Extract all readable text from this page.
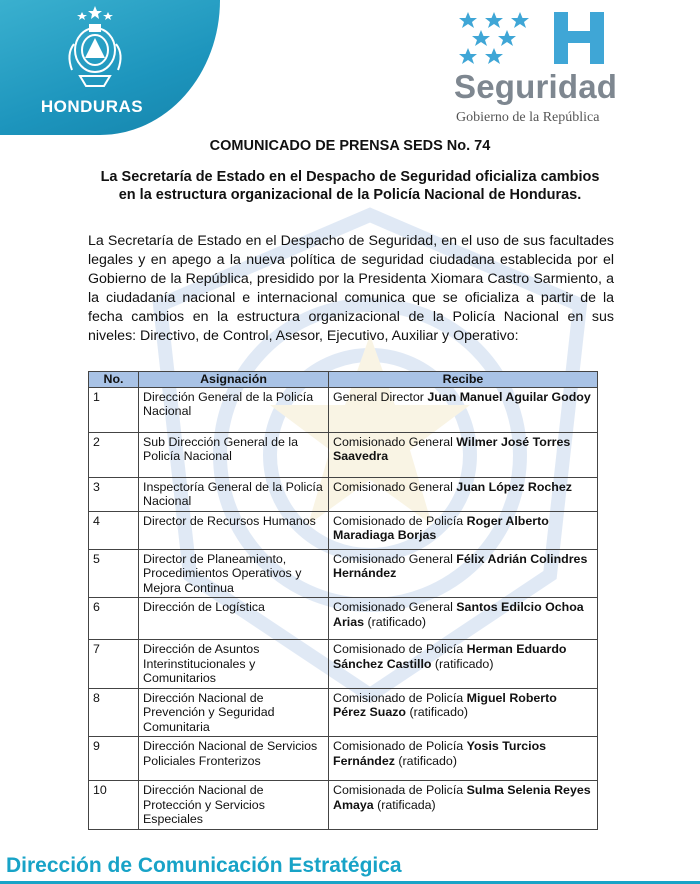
HONDURAS
Seguridad
Gobierno de la República
COMUNICADO DE PRENSA SEDS No. 74
La Secretaría de Estado en el Despacho de Seguridad oficializa cambios en la estructura organizacional de la Policía Nacional de Honduras.
La Secretaría de Estado en el Despacho de Seguridad, en el uso de sus facultades legales y en apego a la nueva política de seguridad ciudadana establecida por el Gobierno de la República, presidido por la Presidenta Xiomara Castro Sarmiento, a la ciudadanía nacional e internacional comunica que se oficializa a partir de la fecha cambios en la estructura organizacional de la Policía Nacional en sus niveles: Directivo, de Control, Asesor, Ejecutivo, Auxiliar y Operativo:
No.	Asignación	Recibe
1	Dirección General de la Policía Nacional	General Director Juan Manuel Aguilar Godoy
2	Sub Dirección General de la Policía Nacional	Comisionado General Wilmer José Torres Saavedra
3	Inspectoría General de la Policía Nacional	Comisionado General Juan López Rochez
4	Director de Recursos Humanos	Comisionado de Policía Roger Alberto Maradiaga Borjas
5	Director de Planeamiento, Procedimientos Operativos y Mejora Continua	Comisionado General Félix Adrián Colindres Hernández
6	Dirección de Logística	Comisionado General Santos Edilcio Ochoa Arias (ratificado)
7	Dirección de Asuntos Interinstitucionales y Comunitarios	Comisionado de Policía Herman Eduardo Sánchez Castillo (ratificado)
8	Dirección Nacional de Prevención y Seguridad Comunitaria	Comisionado de Policía Miguel Roberto Pérez Suazo (ratificado)
9	Dirección Nacional de Servicios Policiales Fronterizos	Comisionado de Policía Yosis Turcios Fernández (ratificado)
10	Dirección Nacional de Protección y Servicios Especiales	Comisionada de Policía Sulma Selenia Reyes Amaya (ratificada)
Dirección de Comunicación Estratégica
